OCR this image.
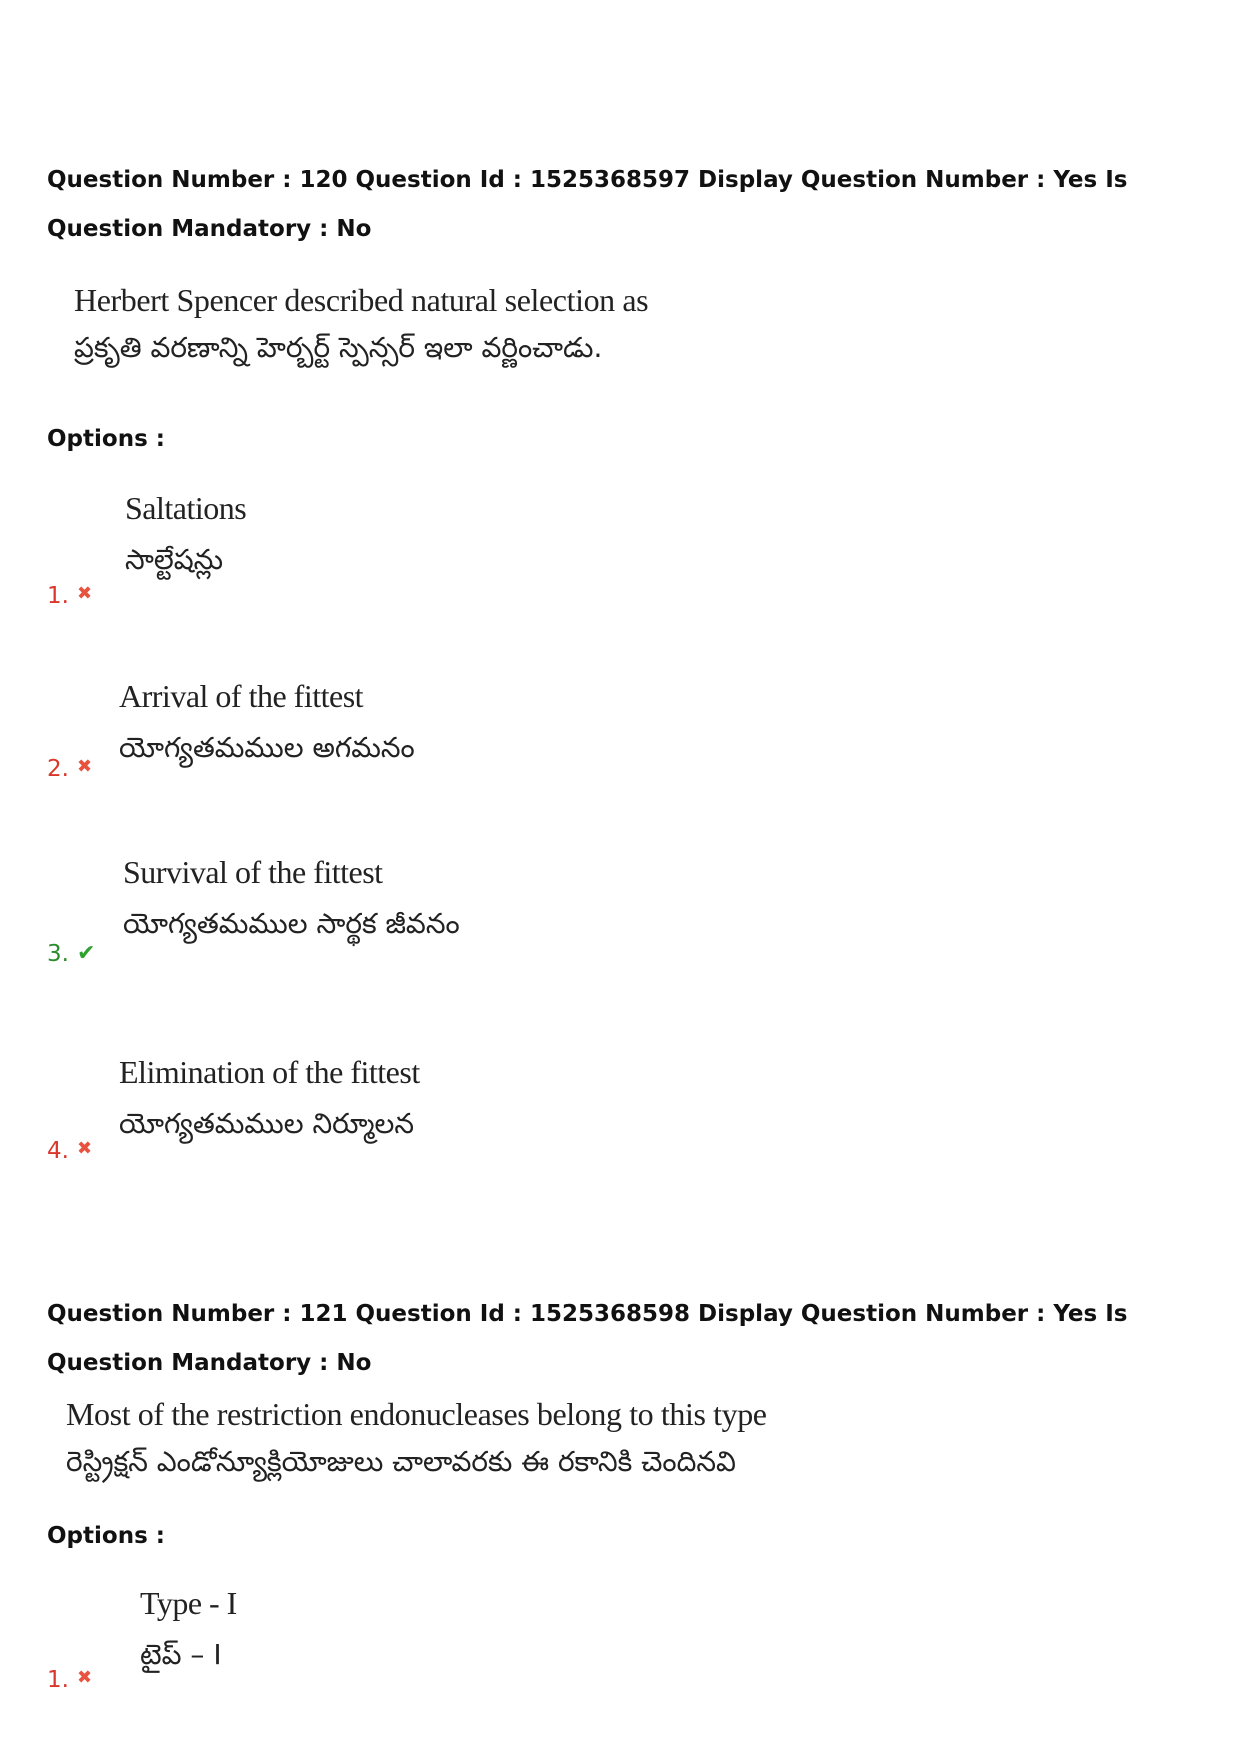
Question Number : 120 Question Id : 1525368597 Display Question Number : Yes Is Question Mandatory : No
Herbert Spencer described natural selection as
ప్రకృతి వరణాన్ని హెర్బర్ట్ స్పెన్సర్ ఇలా వర్ణించాడు.
Options :
Saltations
సాల్టేషన్లు
1. ✖
Arrival of the fittest
యోగ్యతమముల అగమనం
2. ✖
Survival of the fittest
యోగ్యతమముల సార్థక జీవనం
3. ✔
Elimination of the fittest
యోగ్యతమముల నిర్మూలన
4. ✖
Question Number : 121 Question Id : 1525368598 Display Question Number : Yes Is Question Mandatory : No
Most of the restriction endonucleases belong to this type
రెస్ట్రిక్షన్ ఎండోన్యూక్లియోజులు చాలావరకు ఈ రకానికి చెందినవి
Options :
Type - I
టైప్ – I
1. ✖
